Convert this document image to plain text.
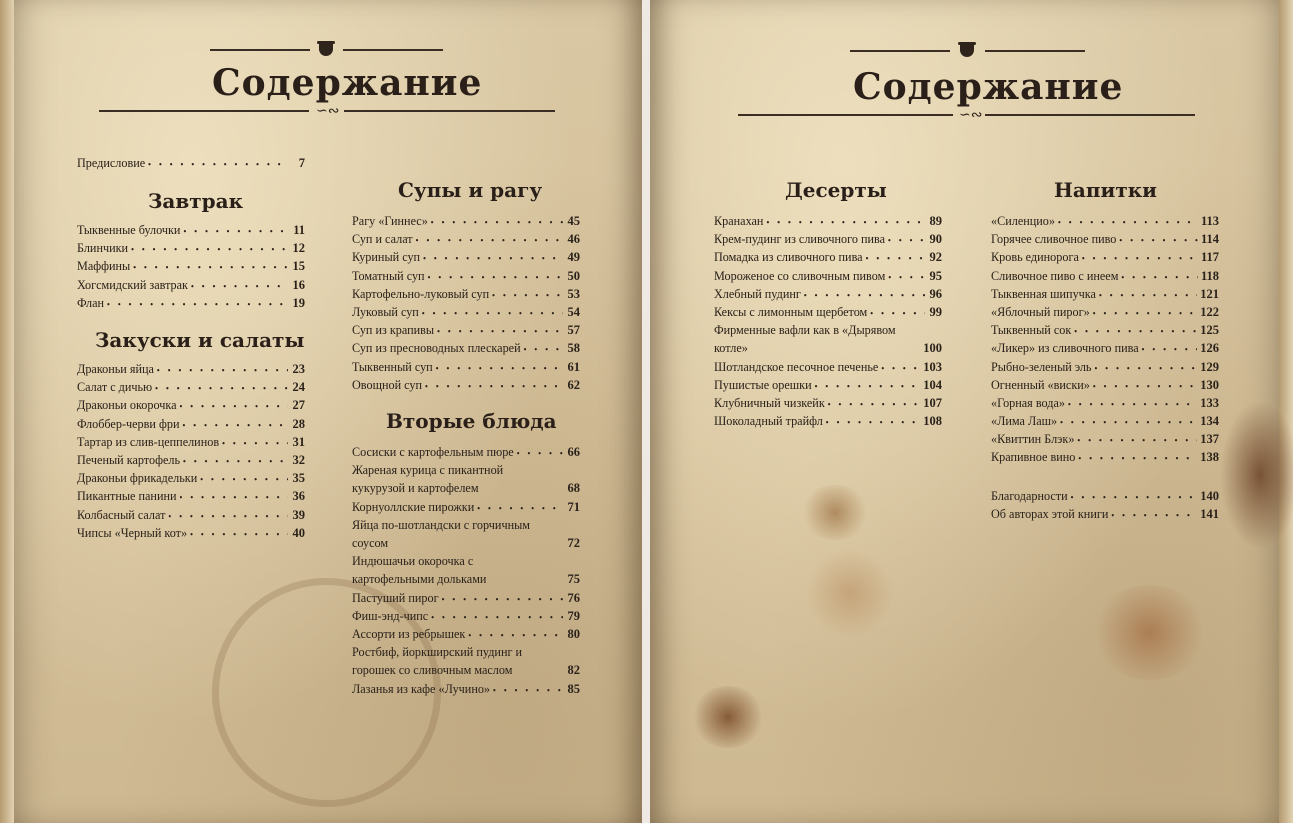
∽∾
Содержание
Предисловие • • •	7
Завтрак
Тыквенные булочки • • •	11
Блинчики • • •	12
Маффины • • •	15
Хогсмидский завтрак • • •	16
Флан • • •	19
Закуски и салаты
Драконьи яйца • • •	23
Салат с дичью • • •	24
Драконьи окорочка • • •	27
Флоббер-черви фри • • •	28
Тартар из слив-цеппелинов • • •	31
Печеный картофель • • •	32
Драконьи фрикадельки • • •	35
Пикантные панини • • •	36
Колбасный салат • • •	39
Чипсы «Черный кот» • • •	40
Супы и рагу
Рагу «Гиннес» • • •	45
Суп и салат • • •	46
Куриный суп • • •	49
Томатный суп • • •	50
Картофельно-луковый суп • • •	53
Луковый суп • • •	54
Суп из крапивы • • •	57
Суп из пресноводных плескарей • • •	58
Тыквенный суп • • •	61
Овощной суп • • •	62
Вторые блюда
Сосиски с картофельным пюре • • •	66
Жареная курица с пикантной кукурузой и картофелем	68
Корнуоллские пирожки • • •	71
Яйца по-шотландски с горчичным соусом	72
Индюшачьи окорочка с картофельными дольками	75
Пастуший пирог • • •	76
Фиш-энд-чипс • • •	79
Ассорти из ребрышек • • •	80
Ростбиф, йоркширский пудинг и горошек со сливочным маслом	82
Лазанья из кафе «Лучино» • • •	85
∽∾
Содержание
Десерты
Кранахан • • •	89
Крем-пудинг из сливочного пива • • •	90
Помадка из сливочного пива • • •	92
Мороженое со сливочным пивом • • •	95
Хлебный пудинг • • •	96
Кексы с лимонным щербетом • • •	99
Фирменные вафли как в «Дырявом котле»	100
Шотландское песочное печенье • • •	103
Пушистые орешки • • •	104
Клубничный чизкейк • • •	107
Шоколадный трайфл • • •	108
Напитки
«Силенцио» • • •	113
Горячее сливочное пиво • • •	114
Кровь единорога • • •	117
Сливочное пиво с инеем • • •	118
Тыквенная шипучка • • •	121
«Яблочный пирог» • • •	122
Тыквенный сок • • •	125
«Ликер» из сливочного пива • • •	126
Рыбно-зеленый эль • • •	129
Огненный «виски» • • •	130
«Горная вода» • • •	133
«Лима Лаш» • • •	134
«Квиттин Блэк» • • •	137
Крапивное вино • • •	138
Благодарности • • •	140
Об авторах этой книги • • •	141
